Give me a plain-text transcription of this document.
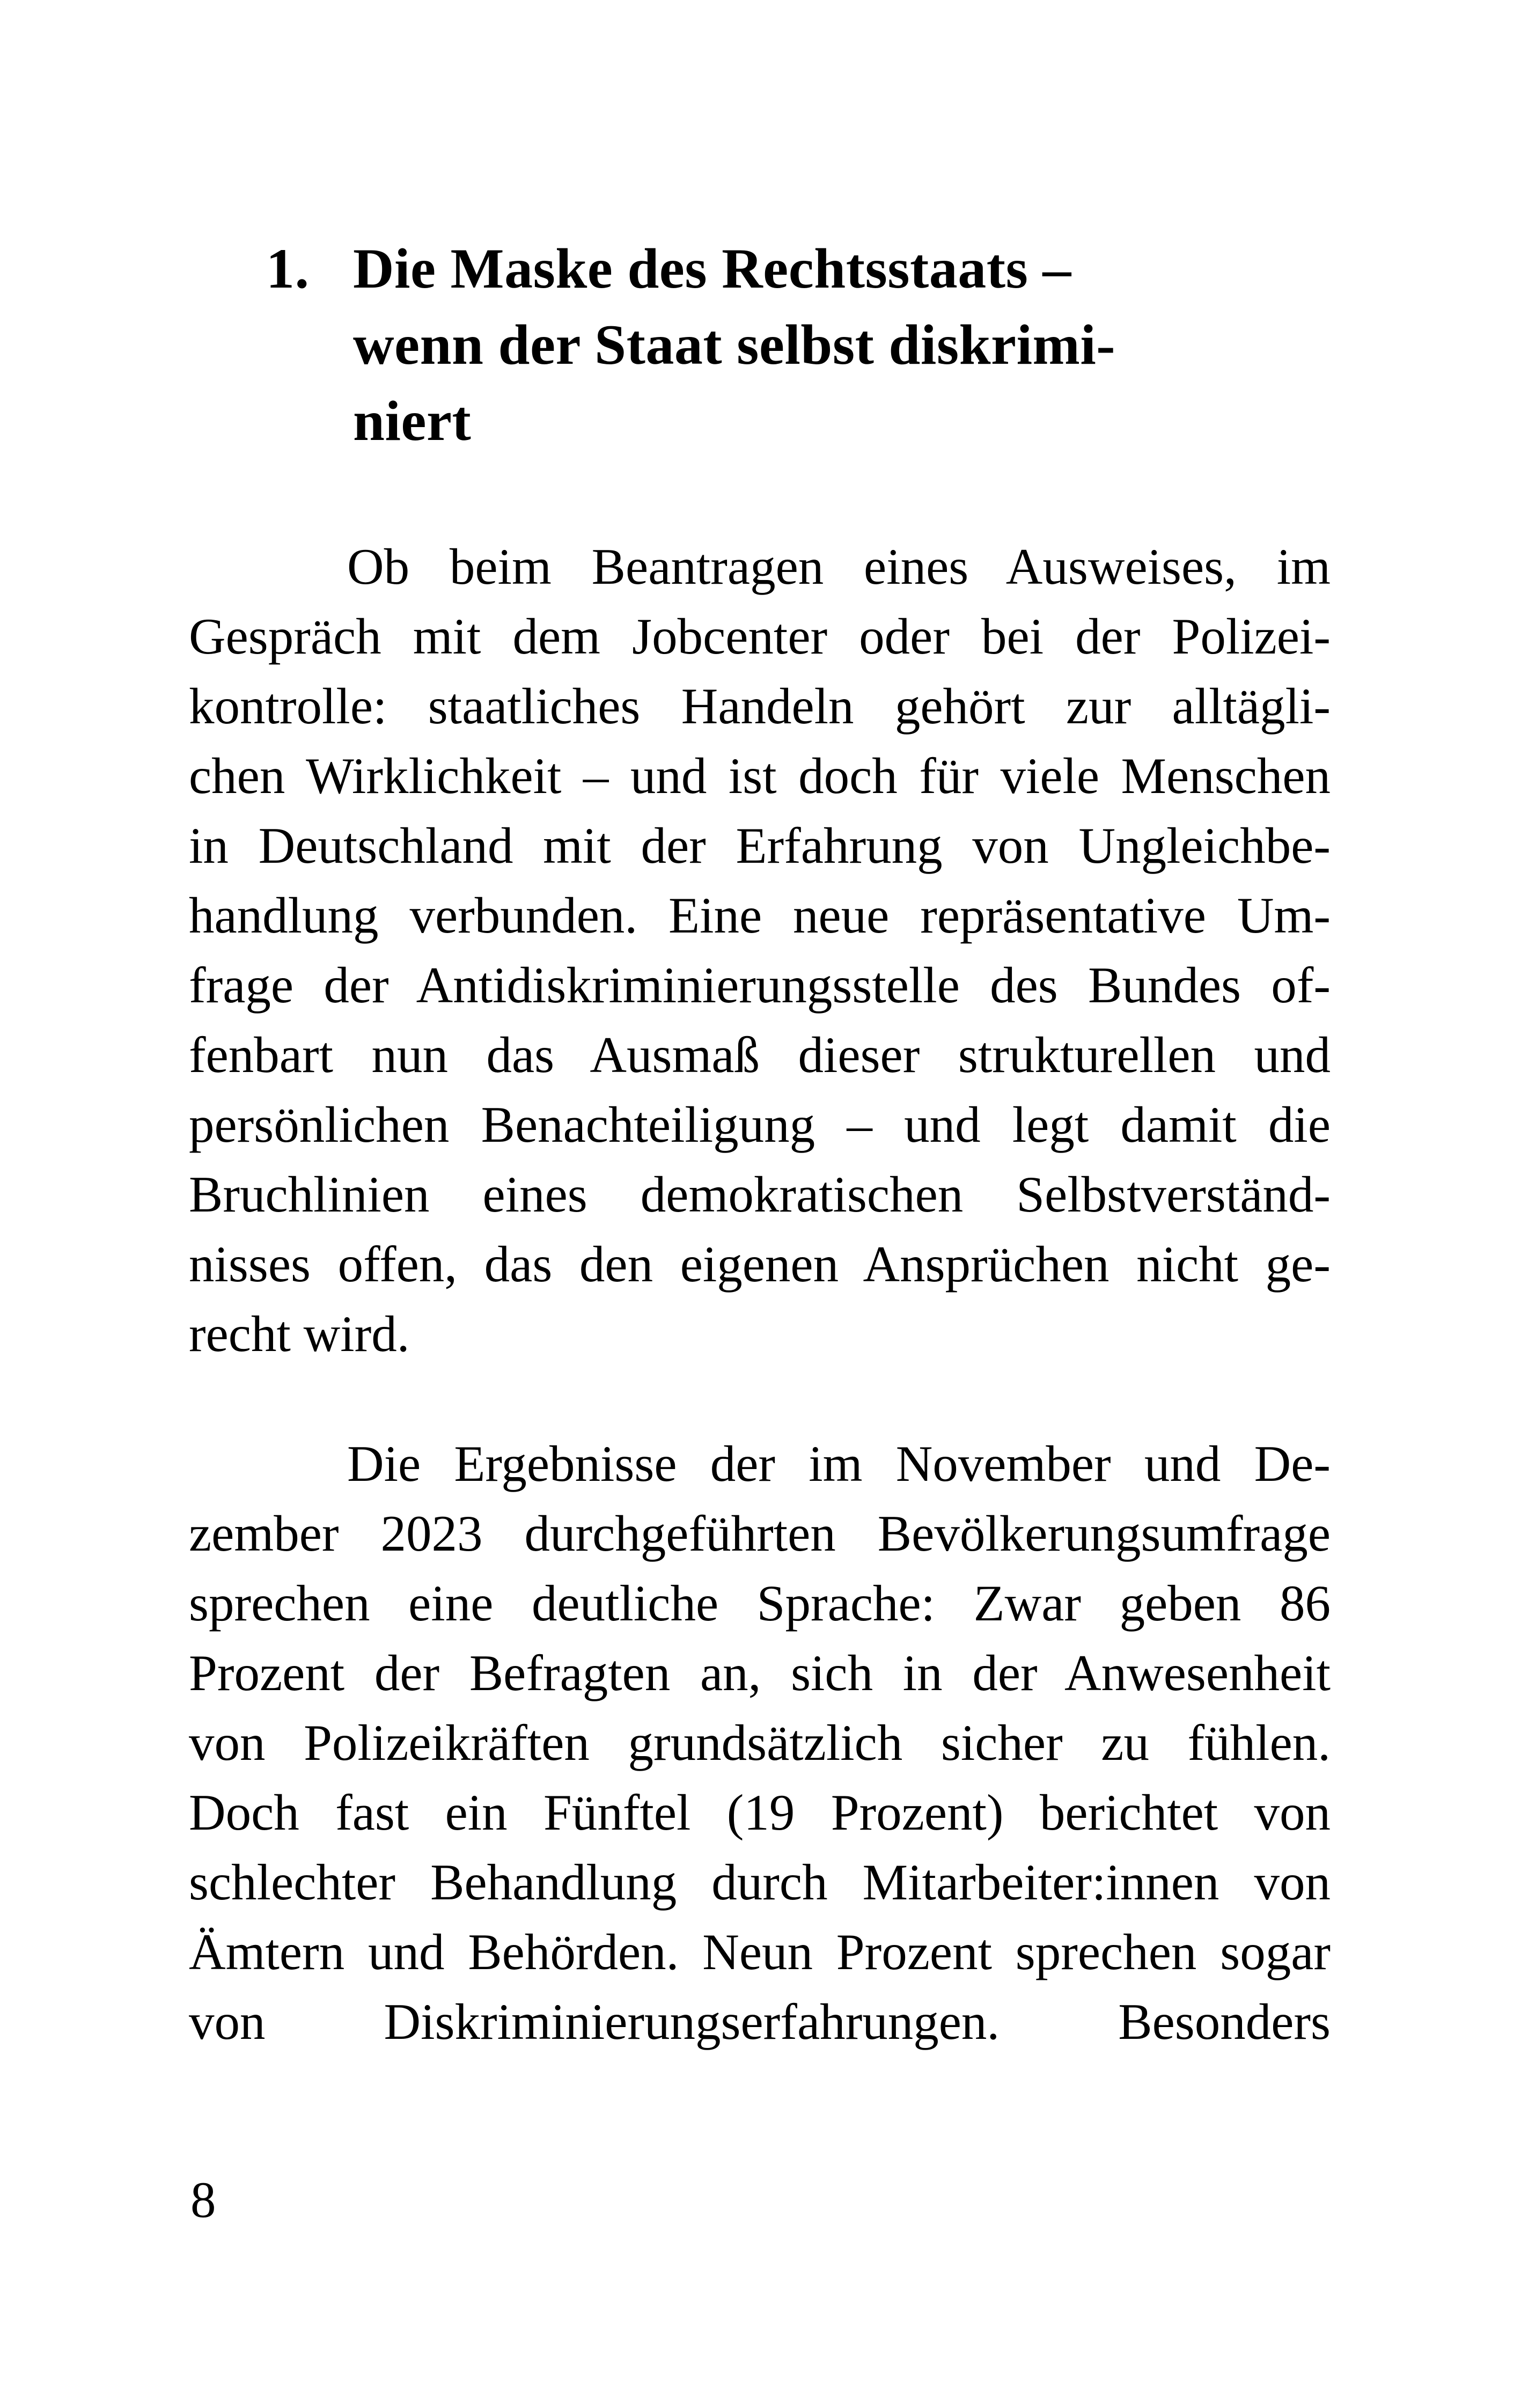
1. Die Maske des Rechtsstaats –
wenn der Staat selbst diskrimi-
niert
Ob beim Beantragen eines Ausweises, im
Gespräch mit dem Jobcenter oder bei der Polizei-
kontrolle: staatliches Handeln gehört zur alltägli-
chen Wirklichkeit – und ist doch für viele Menschen
in Deutschland mit der Erfahrung von Ungleichbe-
handlung verbunden. Eine neue repräsentative Um-
frage der Antidiskriminierungsstelle des Bundes of-
fenbart nun das Ausmaß dieser strukturellen und
persönlichen Benachteiligung – und legt damit die
Bruchlinien eines demokratischen Selbstverständ-
nisses offen, das den eigenen Ansprüchen nicht ge-
recht wird.
Die Ergebnisse der im November und De-
zember 2023 durchgeführten Bevölkerungsumfrage
sprechen eine deutliche Sprache: Zwar geben 86
Prozent der Befragten an, sich in der Anwesenheit
von Polizeikräften grundsätzlich sicher zu fühlen.
Doch fast ein Fünftel (19 Prozent) berichtet von
schlechter Behandlung durch Mitarbeiter:innen von
Ämtern und Behörden. Neun Prozent sprechen sogar
von Diskriminierungserfahrungen. Besonders
8
